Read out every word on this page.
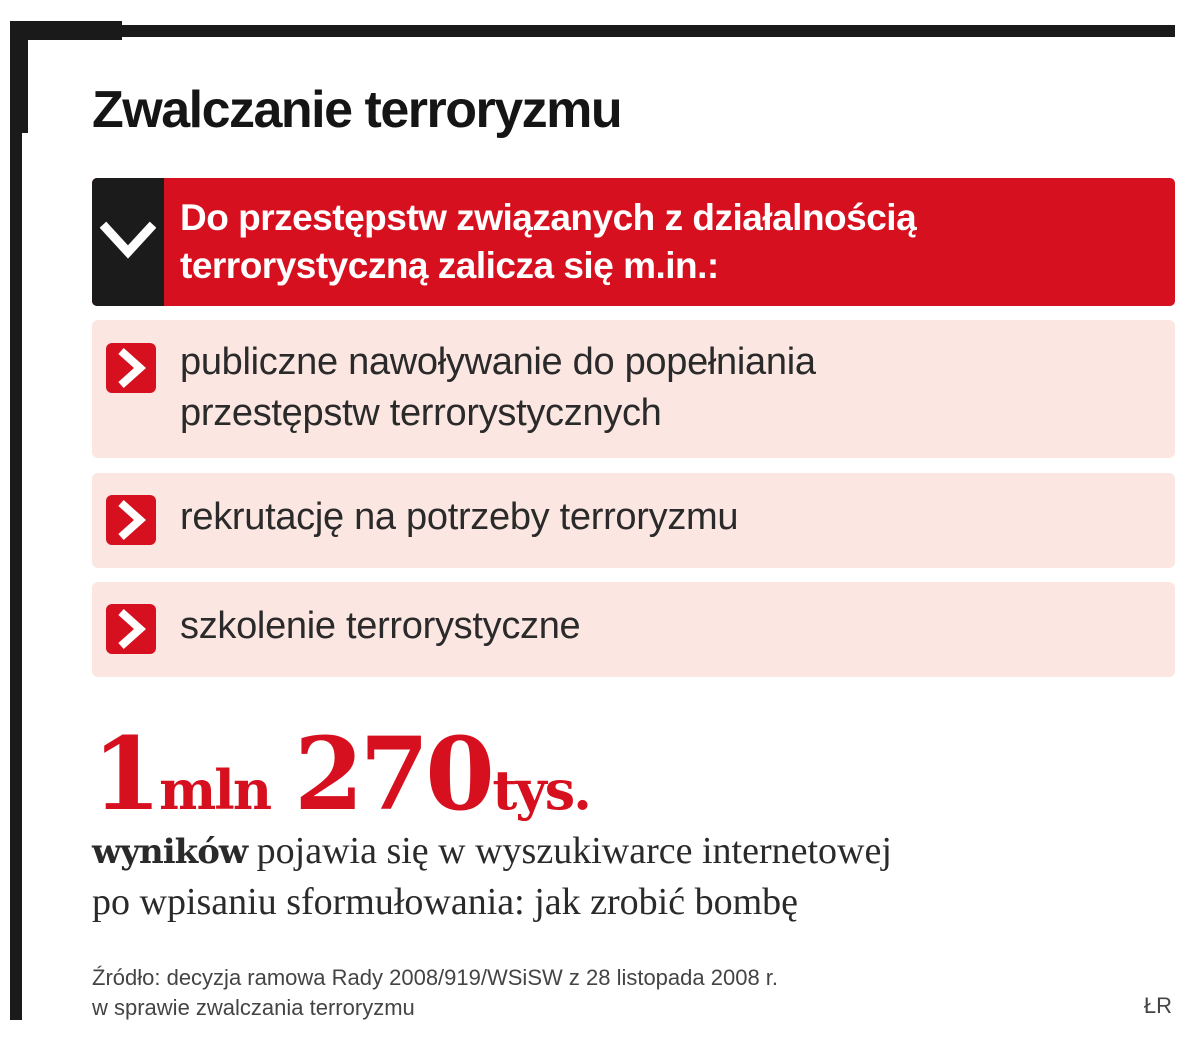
Zwalczanie terroryzmu

Do przestępstw związanych z działalnością
terrorystyczną zalicza się m.in.:

publiczne nawoływanie do popełniania
przestępstw terrorystycznych
rekrutację na potrzeby terroryzmu
szkolenie terrorystyczne
1 mln 270 tys.

wyników pojawia się w wyszukiwarce internetowej
po wpisaniu sformułowania: jak zrobić bombę

Źródło: decyzja ramowa Rady 2008/919/WSiSW z 28 listopada 2008 r.
w sprawie zwalczania terroryzmu	ŁR
